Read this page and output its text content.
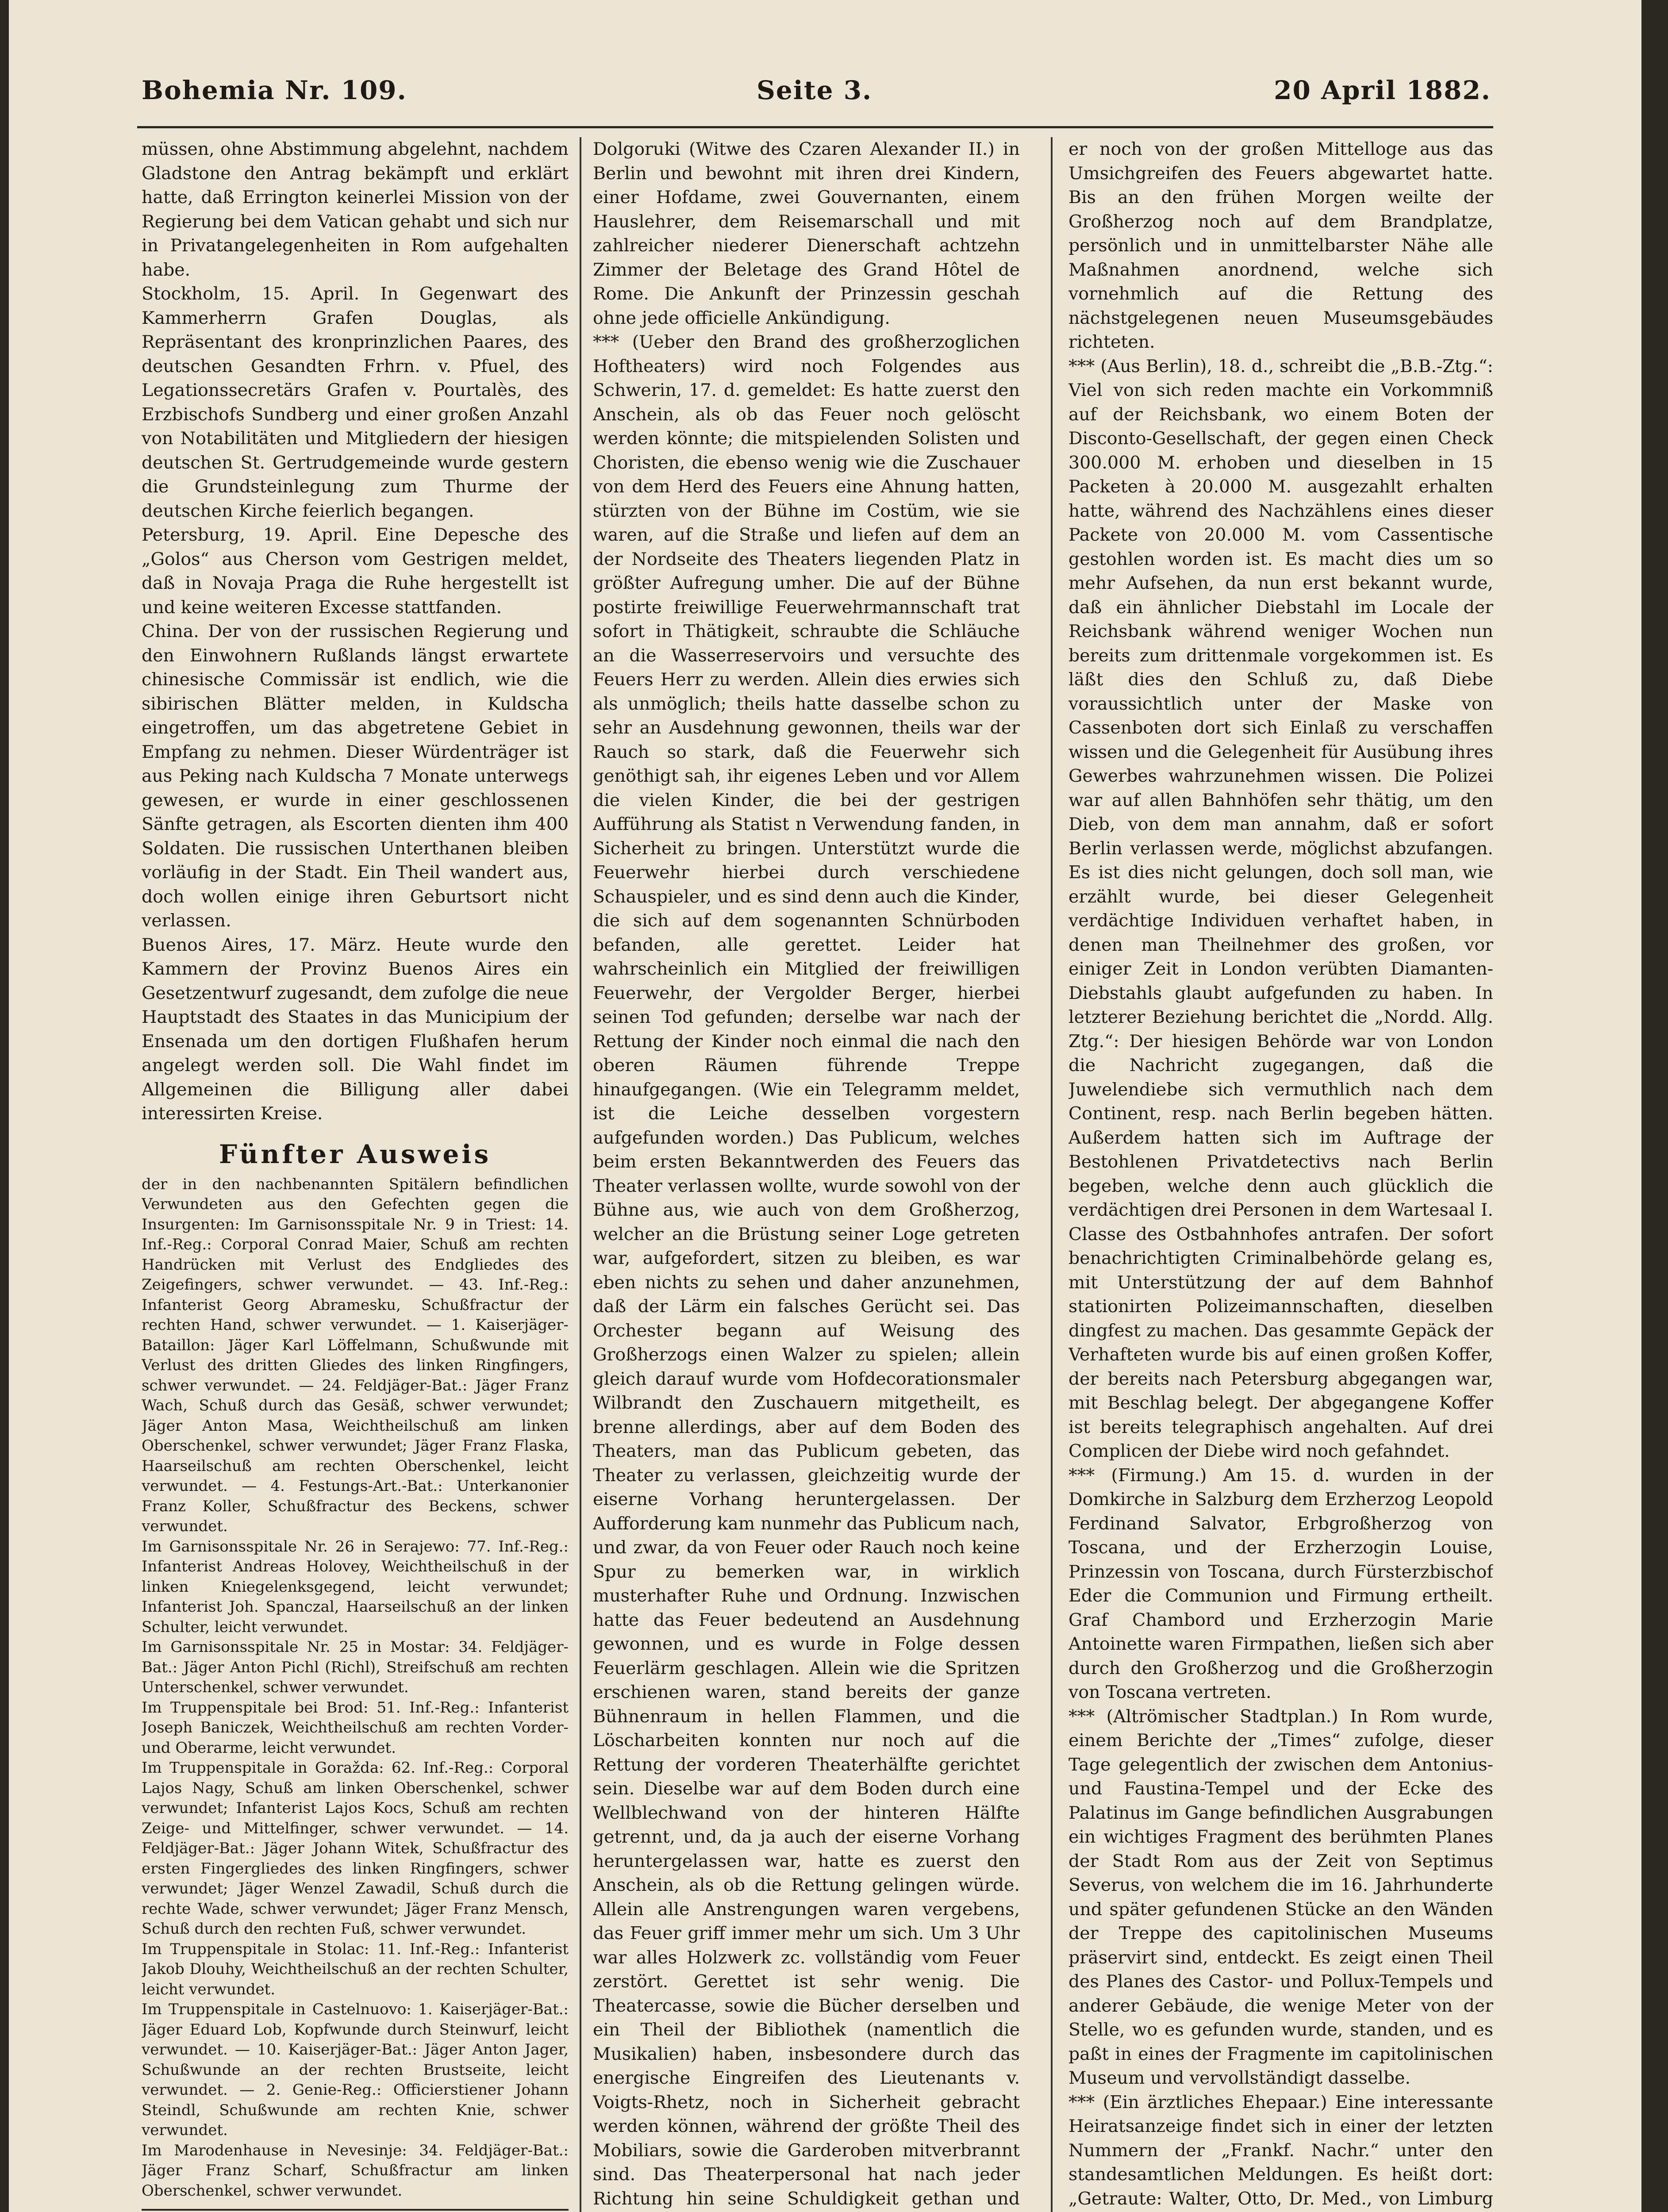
Bohemia Nr. 109.	Seite 3.	20 April 1882.

müssen, ohne Abstimmung abgelehnt, nachdem Gladstone den Antrag bekämpft und erklärt hatte, daß Errington keinerlei Mission von der Regierung bei dem Vatican gehabt und sich nur in Privatangelegenheiten in Rom aufgehalten habe.

Stockholm, 15. April. In Gegenwart des Kammerherrn Grafen Douglas, als Repräsentant des kronprinzlichen Paares, des deutschen Gesandten Frhrn. v. Pfuel, des Legationssecretärs Grafen v. Pourtalès, des Erzbischofs Sundberg und einer großen Anzahl von Notabilitäten und Mitgliedern der hiesigen deutschen St. Gertrudgemeinde wurde gestern die Grundsteinlegung zum Thurme der deutschen Kirche feierlich begangen.

Petersburg, 19. April. Eine Depesche des „Golos“ aus Cherson vom Gestrigen meldet, daß in Novaja Praga die Ruhe hergestellt ist und keine weiteren Excesse stattfanden.

China. Der von der russischen Regierung und den Einwohnern Rußlands längst erwartete chinesische Commissär ist endlich, wie die sibirischen Blätter melden, in Kuldscha eingetroffen, um das abgetretene Gebiet in Empfang zu nehmen. Dieser Würdenträger ist aus Peking nach Kuldscha 7 Monate unterwegs gewesen, er wurde in einer geschlossenen Sänfte getragen, als Escorten dienten ihm 400 Soldaten. Die russischen Unterthanen bleiben vorläufig in der Stadt. Ein Theil wandert aus, doch wollen einige ihren Geburtsort nicht verlassen.

Buenos Aires, 17. März. Heute wurde den Kammern der Provinz Buenos Aires ein Gesetzentwurf zugesandt, dem zufolge die neue Hauptstadt des Staates in das Municipium der Ensenada um den dortigen Flußhafen herum angelegt werden soll. Die Wahl findet im Allgemeinen die Billigung aller dabei interessirten Kreise.

Fünfter Ausweis

der in den nachbenannten Spitälern befindlichen Verwundeten aus den Gefechten gegen die Insurgenten: Im Garnisonsspitale Nr. 9 in Triest: 14. Inf.-Reg.: Corporal Conrad Maier, Schuß am rechten Handrücken mit Verlust des Endgliedes des Zeigefingers, schwer verwundet. — 43. Inf.-Reg.: Infanterist Georg Abramesku, Schußfractur der rechten Hand, schwer verwundet. — 1. Kaiserjäger-Bataillon: Jäger Karl Löffelmann, Schußwunde mit Verlust des dritten Gliedes des linken Ringfingers, schwer verwundet. — 24. Feldjäger-Bat.: Jäger Franz Wach, Schuß durch das Gesäß, schwer verwundet; Jäger Anton Masa, Weichtheilschuß am linken Oberschenkel, schwer verwundet; Jäger Franz Flaska, Haarseilschuß am rechten Oberschenkel, leicht verwundet. — 4. Festungs-Art.-Bat.: Unterkanonier Franz Koller, Schußfractur des Beckens, schwer verwundet.

Im Garnisonsspitale Nr. 26 in Serajewo: 77. Inf.-Reg.: Infanterist Andreas Holovey, Weichtheilschuß in der linken Kniegelenksgegend, leicht verwundet; Infanterist Joh. Spanczal, Haarseilschuß an der linken Schulter, leicht verwundet.

Im Garnisonsspitale Nr. 25 in Mostar: 34. Feldjäger-Bat.: Jäger Anton Pichl (Richl), Streifschuß am rechten Unterschenkel, schwer verwundet.

Im Truppenspitale bei Brod: 51. Inf.-Reg.: Infanterist Joseph Baniczek, Weichtheilschuß am rechten Vorder- und Oberarme, leicht verwundet.

Im Truppenspitale in Goražda: 62. Inf.-Reg.: Corporal Lajos Nagy, Schuß am linken Oberschenkel, schwer verwundet; Infanterist Lajos Kocs, Schuß am rechten Zeige- und Mittelfinger, schwer verwundet. — 14. Feldjäger-Bat.: Jäger Johann Witek, Schußfractur des ersten Fingergliedes des linken Ringfingers, schwer verwundet; Jäger Wenzel Zawadil, Schuß durch die rechte Wade, schwer verwundet; Jäger Franz Mensch, Schuß durch den rechten Fuß, schwer verwundet.

Im Truppenspitale in Stolac: 11. Inf.-Reg.: Infanterist Jakob Dlouhy, Weichtheilschuß an der rechten Schulter, leicht verwundet.

Im Truppenspitale in Castelnuovo: 1. Kaiserjäger-Bat.: Jäger Eduard Lob, Kopfwunde durch Steinwurf, leicht verwundet. — 10. Kaiserjäger-Bat.: Jäger Anton Jager, Schußwunde an der rechten Brustseite, leicht verwundet. — 2. Genie-Reg.: Officierstiener Johann Steindl, Schußwunde am rechten Knie, schwer verwundet.

Im Marodenhause in Nevesinje: 34. Feldjäger-Bat.: Jäger Franz Scharf, Schußfractur am linken Oberschenkel, schwer verwundet.

Dolgoruki (Witwe des Czaren Alexander II.) in Berlin und bewohnt mit ihren drei Kindern, einer Hofdame, zwei Gouvernanten, einem Hauslehrer, dem Reisemarschall und mit zahlreicher niederer Dienerschaft achtzehn Zimmer der Beletage des Grand Hôtel de Rome. Die Ankunft der Prinzessin geschah ohne jede officielle Ankündigung.

*** (Ueber den Brand des großherzoglichen Hoftheaters) wird noch Folgendes aus Schwerin, 17. d. gemeldet: Es hatte zuerst den Anschein, als ob das Feuer noch gelöscht werden könnte; die mitspielenden Solisten und Choristen, die ebenso wenig wie die Zuschauer von dem Herd des Feuers eine Ahnung hatten, stürzten von der Bühne im Costüm, wie sie waren, auf die Straße und liefen auf dem an der Nordseite des Theaters liegenden Platz in größter Aufregung umher. Die auf der Bühne postirte freiwillige Feuerwehrmannschaft trat sofort in Thätigkeit, schraubte die Schläuche an die Wasserreservoirs und versuchte des Feuers Herr zu werden. Allein dies erwies sich als unmöglich; theils hatte dasselbe schon zu sehr an Ausdehnung gewonnen, theils war der Rauch so stark, daß die Feuerwehr sich genöthigt sah, ihr eigenes Leben und vor Allem die vielen Kinder, die bei der gestrigen Aufführung als Statist n Verwendung fanden, in Sicherheit zu bringen. Unterstützt wurde die Feuerwehr hierbei durch verschiedene Schauspieler, und es sind denn auch die Kinder, die sich auf dem sogenannten Schnürboden befanden, alle gerettet. Leider hat wahrscheinlich ein Mitglied der freiwilligen Feuerwehr, der Vergolder Berger, hierbei seinen Tod gefunden; derselbe war nach der Rettung der Kinder noch einmal die nach den oberen Räumen führende Treppe hinaufgegangen. (Wie ein Telegramm meldet, ist die Leiche desselben vorgestern aufgefunden worden.) Das Publicum, welches beim ersten Bekanntwerden des Feuers das Theater verlassen wollte, wurde sowohl von der Bühne aus, wie auch von dem Großherzog, welcher an die Brüstung seiner Loge getreten war, aufgefordert, sitzen zu bleiben, es war eben nichts zu sehen und daher anzunehmen, daß der Lärm ein falsches Gerücht sei. Das Orchester begann auf Weisung des Großherzogs einen Walzer zu spielen; allein gleich darauf wurde vom Hofdecorationsmaler Wilbrandt den Zuschauern mitgetheilt, es brenne allerdings, aber auf dem Boden des Theaters, man das Publicum gebeten, das Theater zu verlassen, gleichzeitig wurde der eiserne Vorhang heruntergelassen. Der Aufforderung kam nunmehr das Publicum nach, und zwar, da von Feuer oder Rauch noch keine Spur zu bemerken war, in wirklich musterhafter Ruhe und Ordnung. Inzwischen hatte das Feuer bedeutend an Ausdehnung gewonnen, und es wurde in Folge dessen Feuerlärm geschlagen. Allein wie die Spritzen erschienen waren, stand bereits der ganze Bühnenraum in hellen Flammen, und die Löscharbeiten konnten nur noch auf die Rettung der vorderen Theaterhälfte gerichtet sein. Dieselbe war auf dem Boden durch eine Wellblechwand von der hinteren Hälfte getrennt, und, da ja auch der eiserne Vorhang heruntergelassen war, hatte es zuerst den Anschein, als ob die Rettung gelingen würde. Allein alle Anstrengungen waren vergebens, das Feuer griff immer mehr um sich. Um 3 Uhr war alles Holzwerk zc. vollständig vom Feuer zerstört. Gerettet ist sehr wenig. Die Theatercasse, sowie die Bücher derselben und ein Theil der Bibliothek (namentlich die Musikalien) haben, insbesondere durch das energische Eingreifen des Lieutenants v. Voigts-Rhetz, noch in Sicherheit gebracht werden können, während der größte Theil des Mobiliars, sowie die Garderoben mitverbrannt sind. Das Theaterpersonal hat nach jeder Richtung hin seine Schuldigkeit gethan und

er noch von der großen Mittelloge aus das Umsichgreifen des Feuers abgewartet hatte. Bis an den frühen Morgen weilte der Großherzog noch auf dem Brandplatze, persönlich und in unmittelbarster Nähe alle Maßnahmen anordnend, welche sich vornehmlich auf die Rettung des nächstgelegenen neuen Museumsgebäudes richteten.

*** (Aus Berlin), 18. d., schreibt die „B.B.-Ztg.“: Viel von sich reden machte ein Vorkommniß auf der Reichsbank, wo einem Boten der Disconto-Gesellschaft, der gegen einen Check 300.000 M. erhoben und dieselben in 15 Packeten à 20.000 M. ausgezahlt erhalten hatte, während des Nachzählens eines dieser Packete von 20.000 M. vom Cassentische gestohlen worden ist. Es macht dies um so mehr Aufsehen, da nun erst bekannt wurde, daß ein ähnlicher Diebstahl im Locale der Reichsbank während weniger Wochen nun bereits zum drittenmale vorgekommen ist. Es läßt dies den Schluß zu, daß Diebe voraussichtlich unter der Maske von Cassenboten dort sich Einlaß zu verschaffen wissen und die Gelegenheit für Ausübung ihres Gewerbes wahrzunehmen wissen. Die Polizei war auf allen Bahnhöfen sehr thätig, um den Dieb, von dem man annahm, daß er sofort Berlin verlassen werde, möglichst abzufangen. Es ist dies nicht gelungen, doch soll man, wie erzählt wurde, bei dieser Gelegenheit verdächtige Individuen verhaftet haben, in denen man Theilnehmer des großen, vor einiger Zeit in London verübten Diamanten-Diebstahls glaubt aufgefunden zu haben. In letzterer Beziehung berichtet die „Nordd. Allg. Ztg.“: Der hiesigen Behörde war von London die Nachricht zugegangen, daß die Juwelendiebe sich vermuthlich nach dem Continent, resp. nach Berlin begeben hätten. Außerdem hatten sich im Auftrage der Bestohlenen Privatdetectivs nach Berlin begeben, welche denn auch glücklich die verdächtigen drei Personen in dem Wartesaal I. Classe des Ostbahnhofes antrafen. Der sofort benachrichtigten Criminalbehörde gelang es, mit Unterstützung der auf dem Bahnhof stationirten Polizeimannschaften, dieselben dingfest zu machen. Das gesammte Gepäck der Verhafteten wurde bis auf einen großen Koffer, der bereits nach Petersburg abgegangen war, mit Beschlag belegt. Der abgegangene Koffer ist bereits telegraphisch angehalten. Auf drei Complicen der Diebe wird noch gefahndet.

*** (Firmung.) Am 15. d. wurden in der Domkirche in Salzburg dem Erzherzog Leopold Ferdinand Salvator, Erbgroßherzog von Toscana, und der Erzherzogin Louise, Prinzessin von Toscana, durch Fürsterzbischof Eder die Communion und Firmung ertheilt. Graf Chambord und Erzherzogin Marie Antoinette waren Firmpathen, ließen sich aber durch den Großherzog und die Großherzogin von Toscana vertreten.

*** (Altrömischer Stadtplan.) In Rom wurde, einem Berichte der „Times“ zufolge, dieser Tage gelegentlich der zwischen dem Antonius- und Faustina-Tempel und der Ecke des Palatinus im Gange befindlichen Ausgrabungen ein wichtiges Fragment des berühmten Planes der Stadt Rom aus der Zeit von Septimus Severus, von welchem die im 16. Jahrhunderte und später gefundenen Stücke an den Wänden der Treppe des capitolinischen Museums präservirt sind, entdeckt. Es zeigt einen Theil des Planes des Castor- und Pollux-Tempels und anderer Gebäude, die wenige Meter von der Stelle, wo es gefunden wurde, standen, und es paßt in eines der Fragmente im capitolinischen Museum und vervollständigt dasselbe.

*** (Ein ärztliches Ehepaar.) Eine interessante Heiratsanzeige findet sich in einer der letzten Nummern der „Frankf. Nachr.“ unter den standesamtlichen Meldungen. Es heißt dort: „Getraute: Walter, Otto, Dr. Med., von Limburg
